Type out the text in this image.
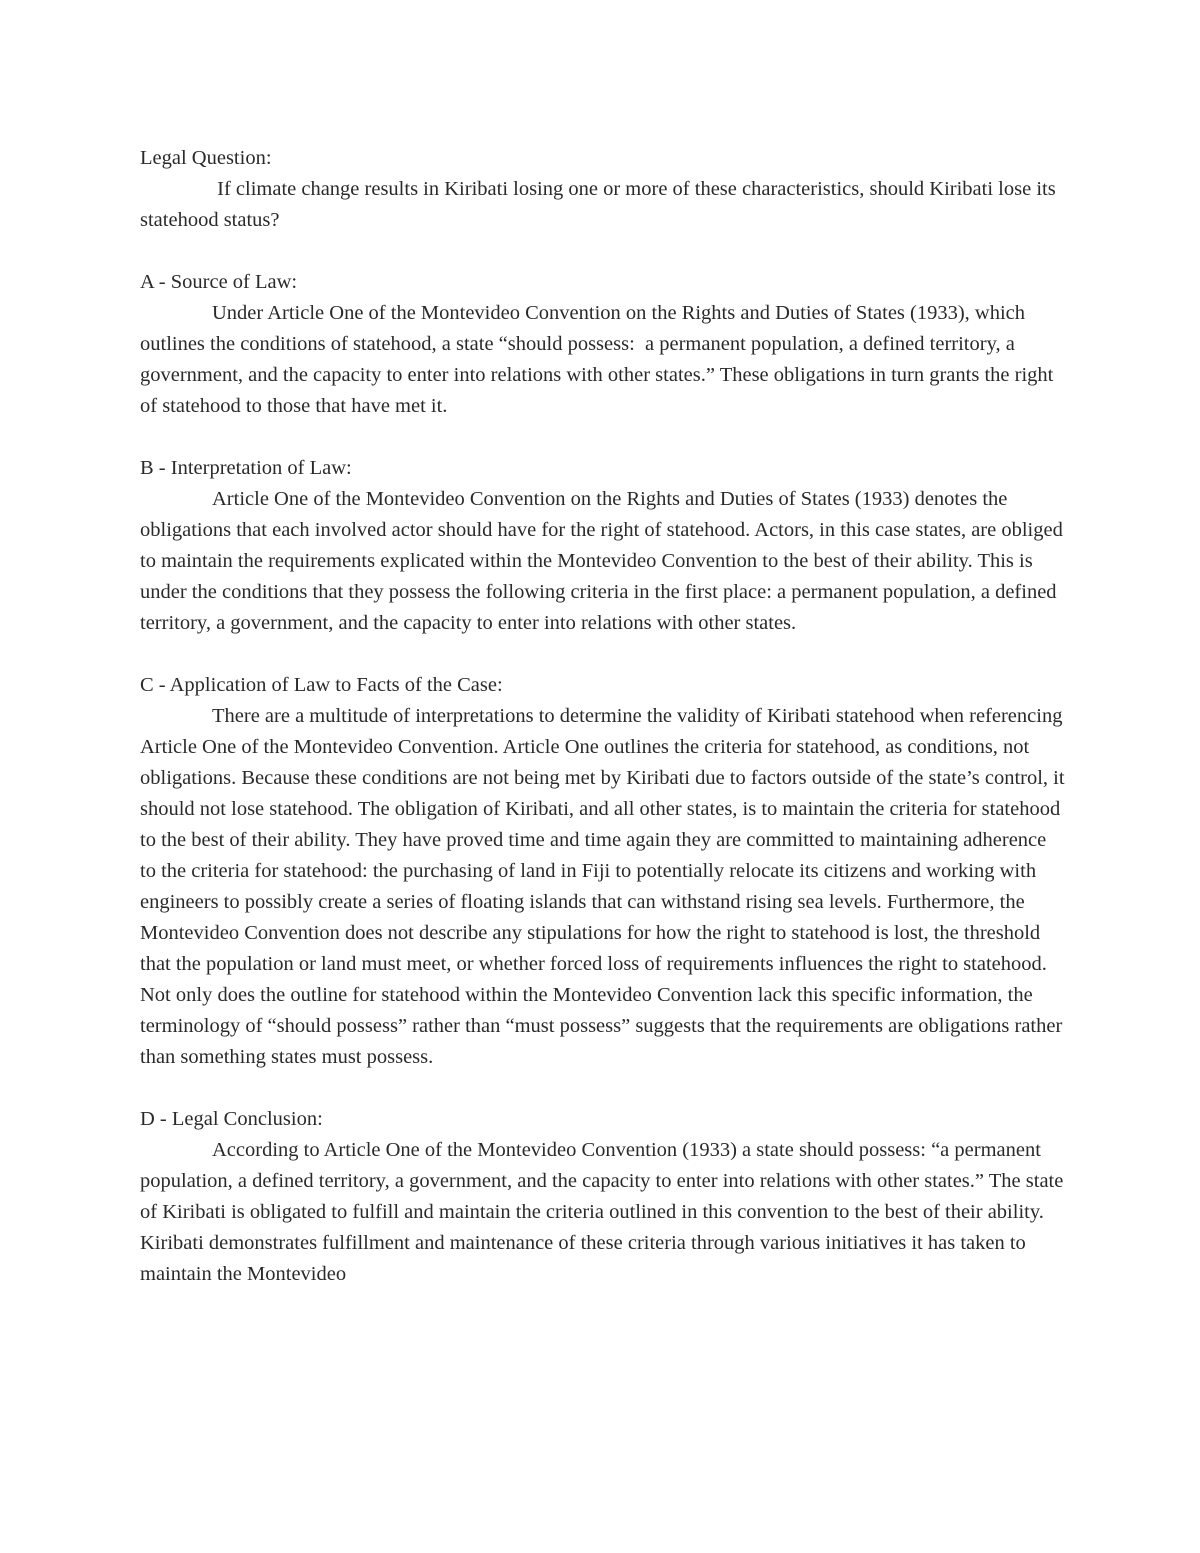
Legal Question:

If climate change results in Kiribati losing one or more of these characteristics, should Kiribati lose its statehood status?

A - Source of Law:

Under Article One of the Montevideo Convention on the Rights and Duties of States (1933), which outlines the conditions of statehood, a state “should possess:  a permanent population, a defined territory, a government, and the capacity to enter into relations with other states.” These obligations in turn grants the right of statehood to those that have met it.

B - Interpretation of Law:

Article One of the Montevideo Convention on the Rights and Duties of States (1933) denotes the obligations that each involved actor should have for the right of statehood. Actors, in this case states, are obliged to maintain the requirements explicated within the Montevideo Convention to the best of their ability. This is under the conditions that they possess the following criteria in the first place: a permanent population, a defined territory, a government, and the capacity to enter into relations with other states.

C - Application of Law to Facts of the Case:

There are a multitude of interpretations to determine the validity of Kiribati statehood when referencing Article One of the Montevideo Convention. Article One outlines the criteria for statehood, as conditions, not obligations. Because these conditions are not being met by Kiribati due to factors outside of the state’s control, it should not lose statehood. The obligation of Kiribati, and all other states, is to maintain the criteria for statehood to the best of their ability. They have proved time and time again they are committed to maintaining adherence to the criteria for statehood: the purchasing of land in Fiji to potentially relocate its citizens and working with engineers to possibly create a series of floating islands that can withstand rising sea levels. Furthermore, the Montevideo Convention does not describe any stipulations for how the right to statehood is lost, the threshold that the population or land must meet, or whether forced loss of requirements influences the right to statehood. Not only does the outline for statehood within the Montevideo Convention lack this specific information, the terminology of “should possess” rather than “must possess” suggests that the requirements are obligations rather than something states must possess.

D - Legal Conclusion:

According to Article One of the Montevideo Convention (1933) a state should possess: “a permanent population, a defined territory, a government, and the capacity to enter into relations with other states.” The state of Kiribati is obligated to fulfill and maintain the criteria outlined in this convention to the best of their ability. Kiribati demonstrates fulfillment and maintenance of these criteria through various initiatives it has taken to maintain the Montevideo
